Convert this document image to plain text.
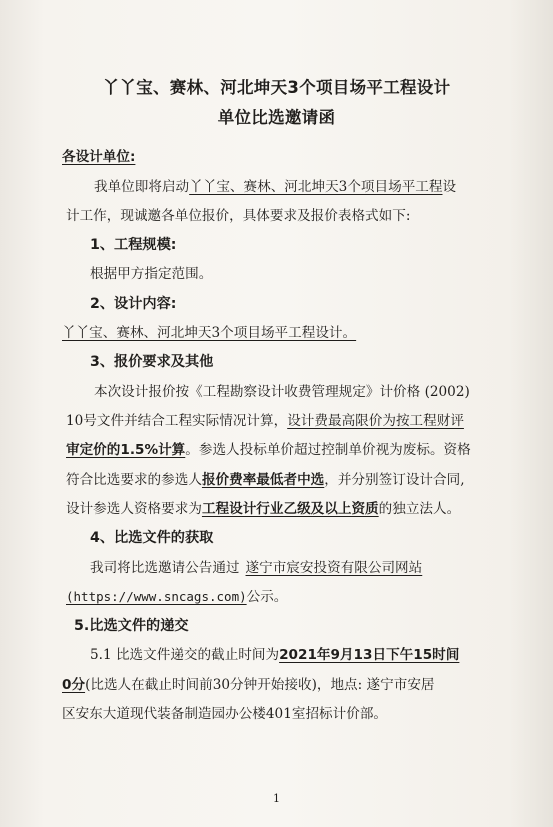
丫丫宝、赛林、河北坤天3个项目场平工程设计
单位比选邀请函
各设计单位:
我单位即将启动丫丫宝、赛林、河北坤天3个项目场平工程设
计工作，现诚邀各单位报价，具体要求及报价表格式如下:
1、工程规模:
根据甲方指定范围。
2、设计内容:
丫丫宝、赛林、河北坤天3个项目场平工程设计。
3、报价要求及其他
本次设计报价按《工程勘察设计收费管理规定》计价格 (2002)
10号文件并结合工程实际情况计算，设计费最高限价为按工程财评
审定价的1.5%计算。参选人投标单价超过控制单价视为废标。资格
符合比选要求的参选人报价费率最低者中选，并分别签订设计合同,
设计参选人资格要求为工程设计行业乙级及以上资质的独立法人。
4、比选文件的获取
我司将比选邀请公告通过 遂宁市宸安投资有限公司网站
(https://www.sncags.com)公示。
5.比选文件的递交
5.1 比选文件递交的截止时间为2021年9月13日下午15时间
0分(比选人在截止时间前30分钟开始接收)，地点: 遂宁市安居
区安东大道现代装备制造园办公楼401室招标计价部。
1
